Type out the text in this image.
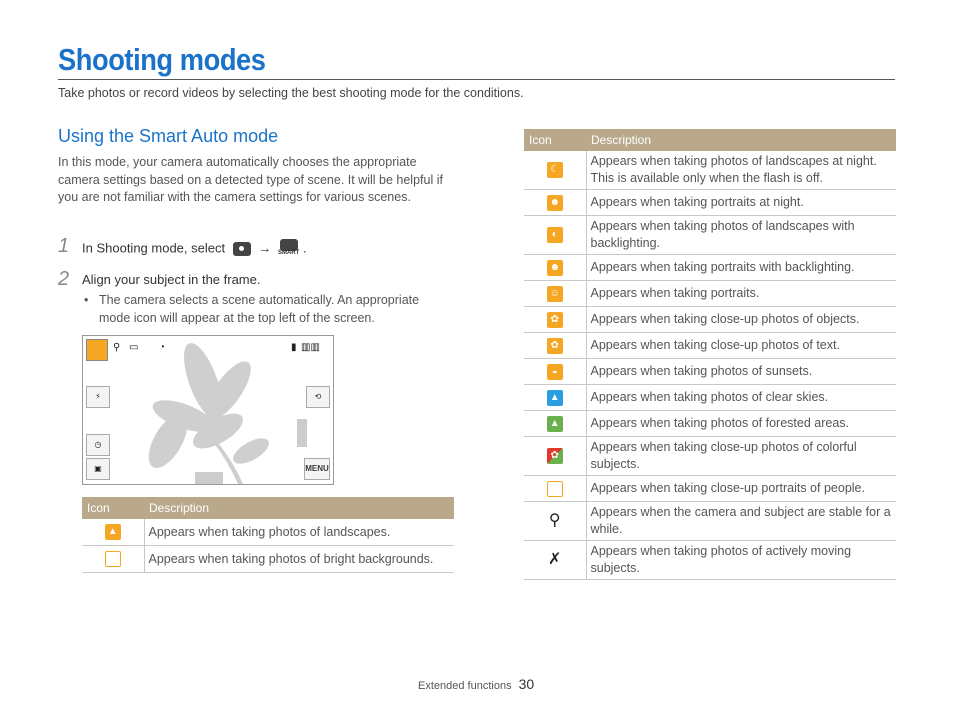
Shooting modes
Take photos or record videos by selecting the best shooting mode for the conditions.
Using the Smart Auto mode
In this mode, your camera automatically chooses the appropriate camera settings based on a detected type of scene. It will be helpful if you are not familiar with the camera settings for various scenes.
1 In Shooting mode, select	→ SMART .
2 Align your subject in the frame.
• The camera selects a scene automatically. An appropriate mode icon will appear at the top left of the screen.
⚲ ▭ ◔	▮ ▥▥
⚡
◷
▣
⟲
MENU
Icon	Description

▲	Appears when taking photos of landscapes.
	Appears when taking photos of bright backgrounds.
Icon	Description

☾	Appears when taking photos of landscapes at night. This is available only when the flash is off.

☻	Appears when taking portraits at night.

◐	Appears when taking photos of landscapes with backlighting.

☻	Appears when taking portraits with backlighting.

☺	Appears when taking portraits.

✿	Appears when taking close-up photos of objects.

✿	Appears when taking close-up photos of text.

◒	Appears when taking photos of sunsets.

▲	Appears when taking photos of clear skies.

▲	Appears when taking photos of forested areas.

✿	Appears when taking close-up photos of colorful subjects.
	Appears when taking close-up portraits of people.
⚲	Appears when the camera and subject are stable for a while.
✗	Appears when taking photos of actively moving subjects.
Extended functions 30
